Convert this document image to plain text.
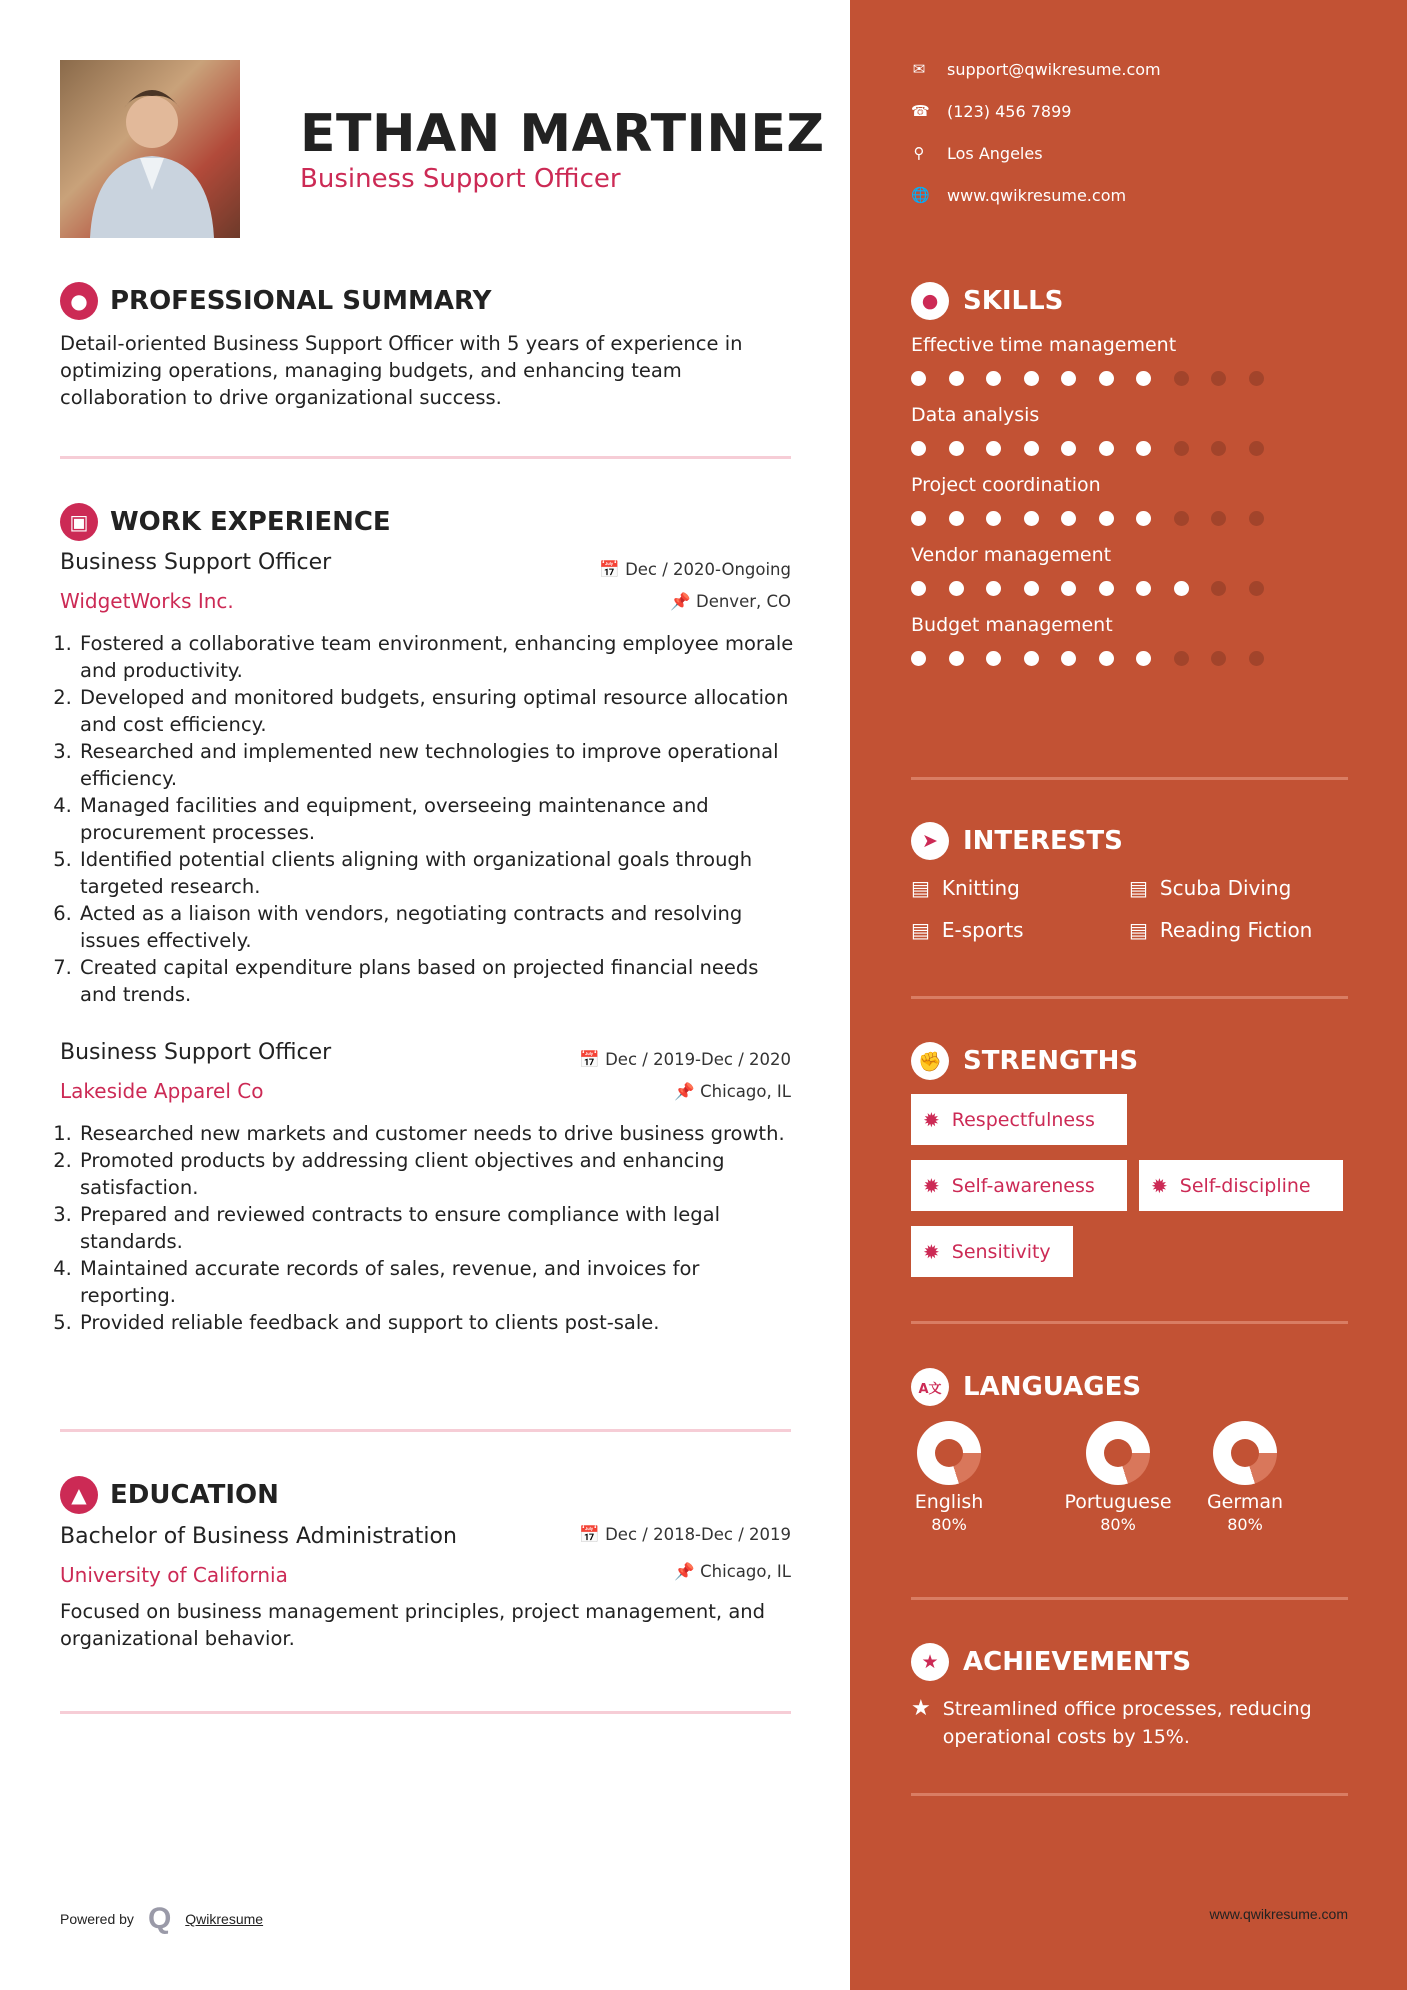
ETHAN MARTINEZ
Business Support Officer
● PROFESSIONAL SUMMARY

Detail-oriented Business Support Officer with 5 years of experience in optimizing operations, managing budgets, and enhancing team collaboration to drive organizational success.

▣ WORK EXPERIENCE
Business Support Officer
WidgetWorks Inc.
📅 Dec / 2020-Ongoing
📌 Denver, CO
1. Fostered a collaborative team environment, enhancing employee morale and productivity.
2. Developed and monitored budgets, ensuring optimal resource allocation and cost efficiency.
3. Researched and implemented new technologies to improve operational efficiency.
4. Managed facilities and equipment, overseeing maintenance and procurement processes.
5. Identified potential clients aligning with organizational goals through targeted research.
6. Acted as a liaison with vendors, negotiating contracts and resolving issues effectively.
7. Created capital expenditure plans based on projected financial needs and trends.
Business Support Officer
Lakeside Apparel Co
📅 Dec / 2019-Dec / 2020
📌 Chicago, IL
1. Researched new markets and customer needs to drive business growth.
2. Promoted products by addressing client objectives and enhancing satisfaction.
3. Prepared and reviewed contracts to ensure compliance with legal standards.
4. Maintained accurate records of sales, revenue, and invoices for reporting.
5. Provided reliable feedback and support to clients post-sale.
▲ EDUCATION
Bachelor of Business Administration
University of California
📅 Dec / 2018-Dec / 2019
📌 Chicago, IL

Focused on business management principles, project management, and organizational behavior.

Powered by Q Qwikresume
✉ support@qwikresume.com
☎ (123) 456 7899
⚲ Los Angeles
🌐 www.qwikresume.com
● SKILLS
Effective time management
Data analysis
Project coordination
Vendor management
Budget management
➤ INTERESTS
▤ Knitting	▤ Scuba Diving
▤ E-sports	▤ Reading Fiction
✊ STRENGTHS
✹ Respectfulness
✹ Self-awareness	✹ Self-discipline
✹ Sensitivity
A文 LANGUAGES
English
80%
Portuguese
80%
German
80%
★ ACHIEVEMENTS
★ Streamlined office processes, reducing operational costs by 15%.
www.qwikresume.com
